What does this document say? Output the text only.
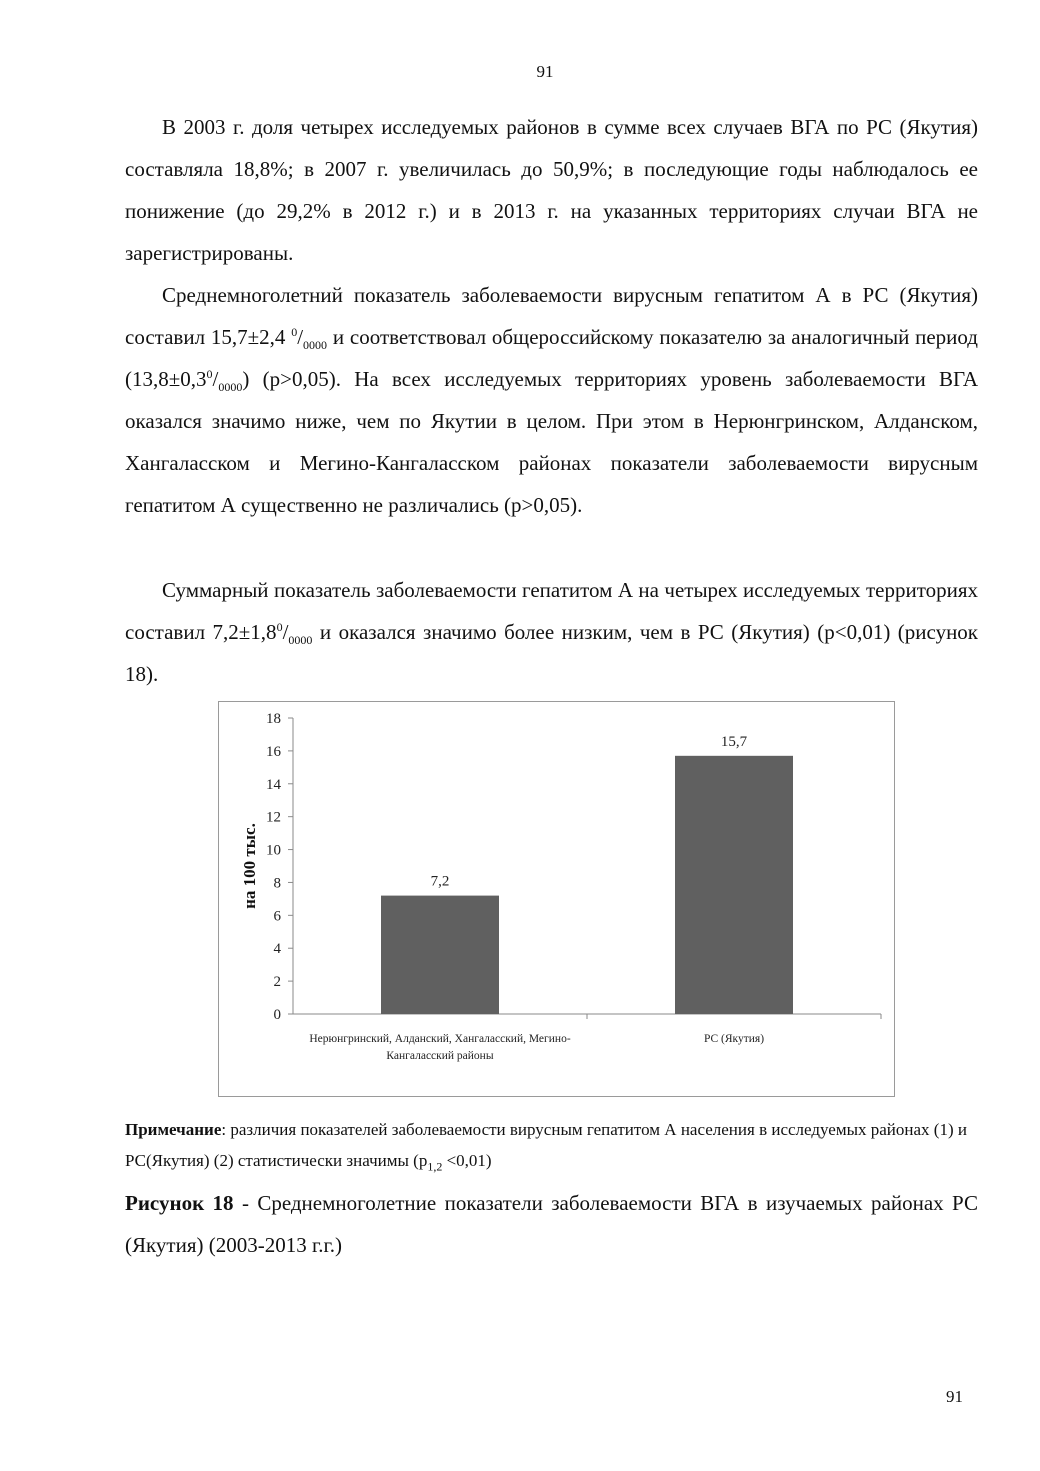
91

В 2003 г. доля четырех исследуемых районов в сумме всех случаев ВГА по РС (Якутия) составляла 18,8%; в 2007 г. увеличилась до 50,9%; в последующие годы наблюдалось ее понижение (до 29,2% в 2012 г.) и в 2013 г. на указанных территориях случаи ВГА не зарегистрированы.

Среднемноголетний показатель заболеваемости вирусным гепатитом А в РС (Якутия) составил 15,7±2,4 $^0/_{0000}$ и соответствовал общероссийскому показателю за аналогичный период $(13,8\pm 0,3^0/_{0000})$ (р>0,05). На всех исследуемых территориях уровень заболеваемости ВГА оказался значимо ниже, чем по Якутии в целом. При этом в Нерюнгринском, Алданском, Хангаласском и Мегино-Кангаласском районах показатели заболеваемости вирусным гепатитом А существенно не различались (р>0,05).

Суммарный показатель заболеваемости гепатитом А на четырех исследуемых территориях составил $7,2\pm 1,8^0/_{0000}$ и оказался значимо более низким, чем в РС (Якутия) (р<0,01) (рисунок 18).

0
2
4
6
8
10
12
14
16
18
на 100 тыс.	7,2
Нерюнгринский, Алданский, Хангаласский, Мегино-
Кангаласский районы
15,7
РС (Якутия)

Примечание: различия показателей заболеваемости вирусным гепатитом А населения в исследуемых районах (1) и РС(Якутия) (2) статистически значимы $(р_{1,2} <0,01)$

Рисунок 18 - Среднемноголетние показатели заболеваемости ВГА в изучаемых районах РС (Якутия) (2003-2013 г.г.)

91
